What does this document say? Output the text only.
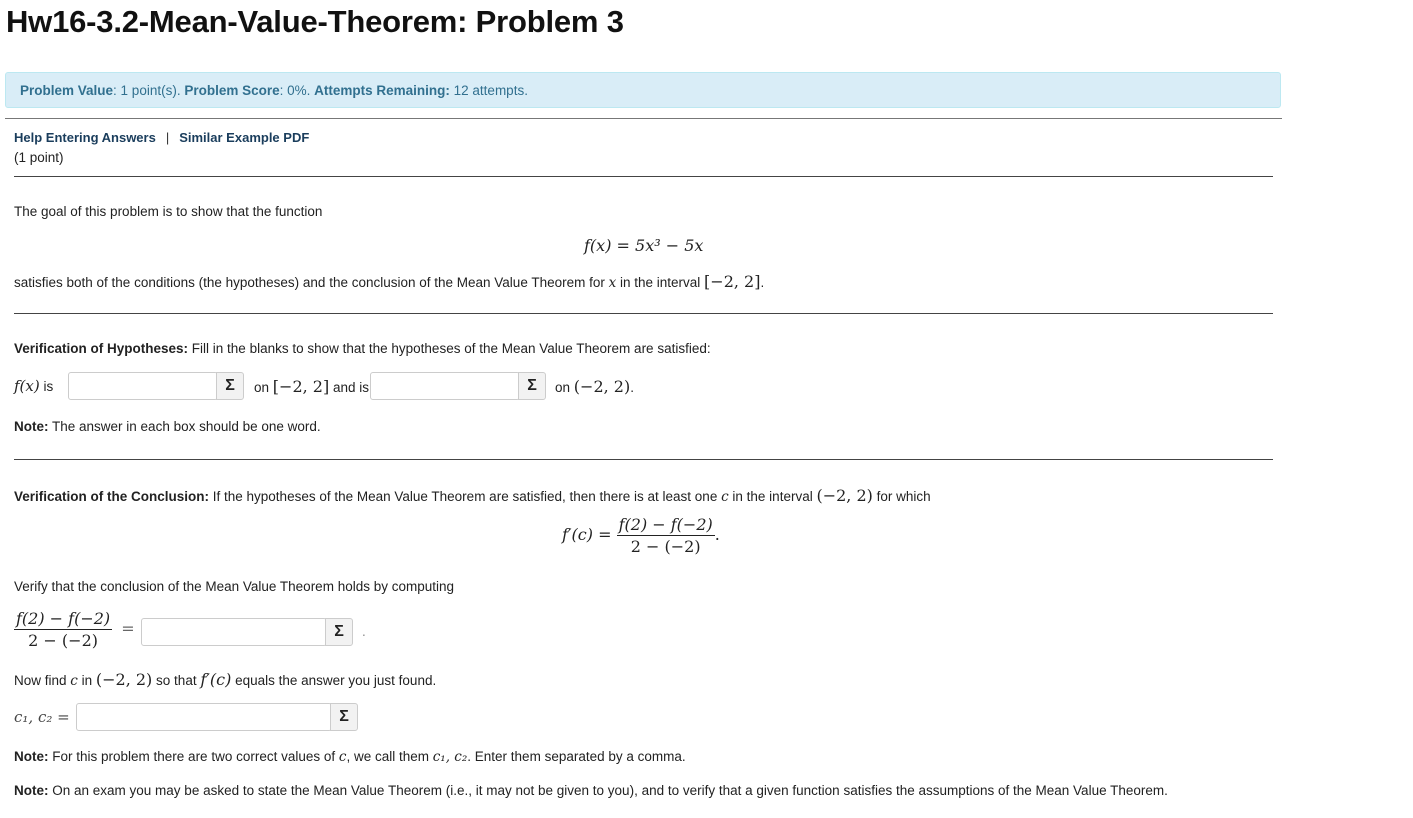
Hw16-3.2-Mean-Value-Theorem: Problem 3
Problem Value: 1 point(s). Problem Score: 0%. Attempts Remaining: 12 attempts.
Help Entering Answers | Similar Example PDF
(1 point)
The goal of this problem is to show that the function
f(x) = 5x³ − 5x
satisfies both of the conditions (the hypotheses) and the conclusion of the Mean Value Theorem for x in the interval [−2, 2].
Verification of Hypotheses: Fill in the blanks to show that the hypotheses of the Mean Value Theorem are satisfied:
f(x) is	Σ on [−2, 2] and is	Σ on (−2, 2).
Note: The answer in each box should be one word.
Verification of the Conclusion: If the hypotheses of the Mean Value Theorem are satisfied, then there is at least one c in the interval (−2, 2) for which
$f'(c) = \frac{f(2) - f(-2)}{2 - (-2)}$ .
Verify that the conclusion of the Mean Value Theorem holds by computing
$\frac{f(2) - f(-2)}{2 - (-2)}$ =	Σ .
Now find c in (−2, 2) so that f′(c) equals the answer you just found.
c₁, c₂ =	Σ
Note: For this problem there are two correct values of c, we call them c₁, c₂. Enter them separated by a comma.
Note: On an exam you may be asked to state the Mean Value Theorem (i.e., it may not be given to you), and to verify that a given function satisfies the assumptions of the Mean Value Theorem.
